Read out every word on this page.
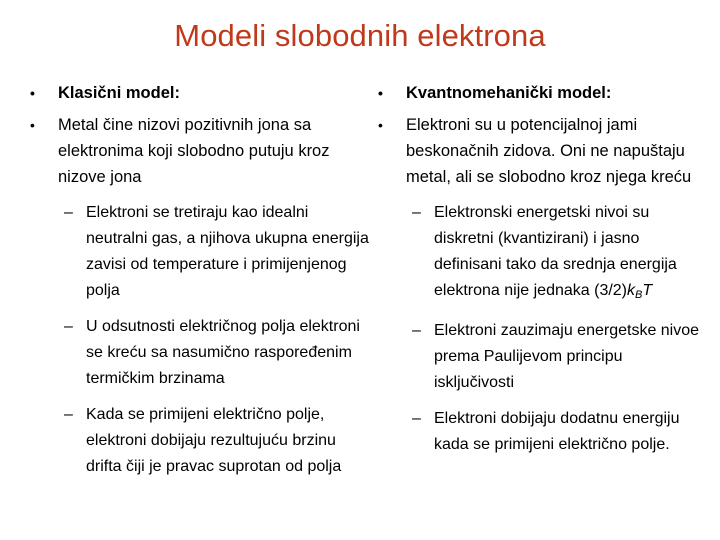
Modeli slobodnih elektrona
• Klasični model:
• Metal čine nizovi pozitivnih jona sa elektronima koji slobodno putuju kroz nizove jona
– Elektroni se tretiraju kao idealni neutralni gas, a njihova ukupna energija zavisi od temperature i primijenjenog polja
– U odsutnosti električnog polja elektroni se kreću sa nasumično raspoređenim termičkim brzinama
– Kada se primijeni električno polje, elektroni dobijaju rezultujuću brzinu drifta čiji je pravac suprotan od polja
• Kvantnomehanički model:
• Elektroni su u potencijalnoj jami beskonačnih zidova. Oni ne napuštaju metal, ali se slobodno kroz njega kreću
– Elektronski energetski nivoi su diskretni (kvantizirani) i jasno definisani tako da srednja energija elektrona nije jednaka $(3/2)k_BT$
– Elektroni zauzimaju energetske nivoe prema Paulijevom principu isključivosti
– Elektroni dobijaju dodatnu energiju kada se primijeni električno polje.
